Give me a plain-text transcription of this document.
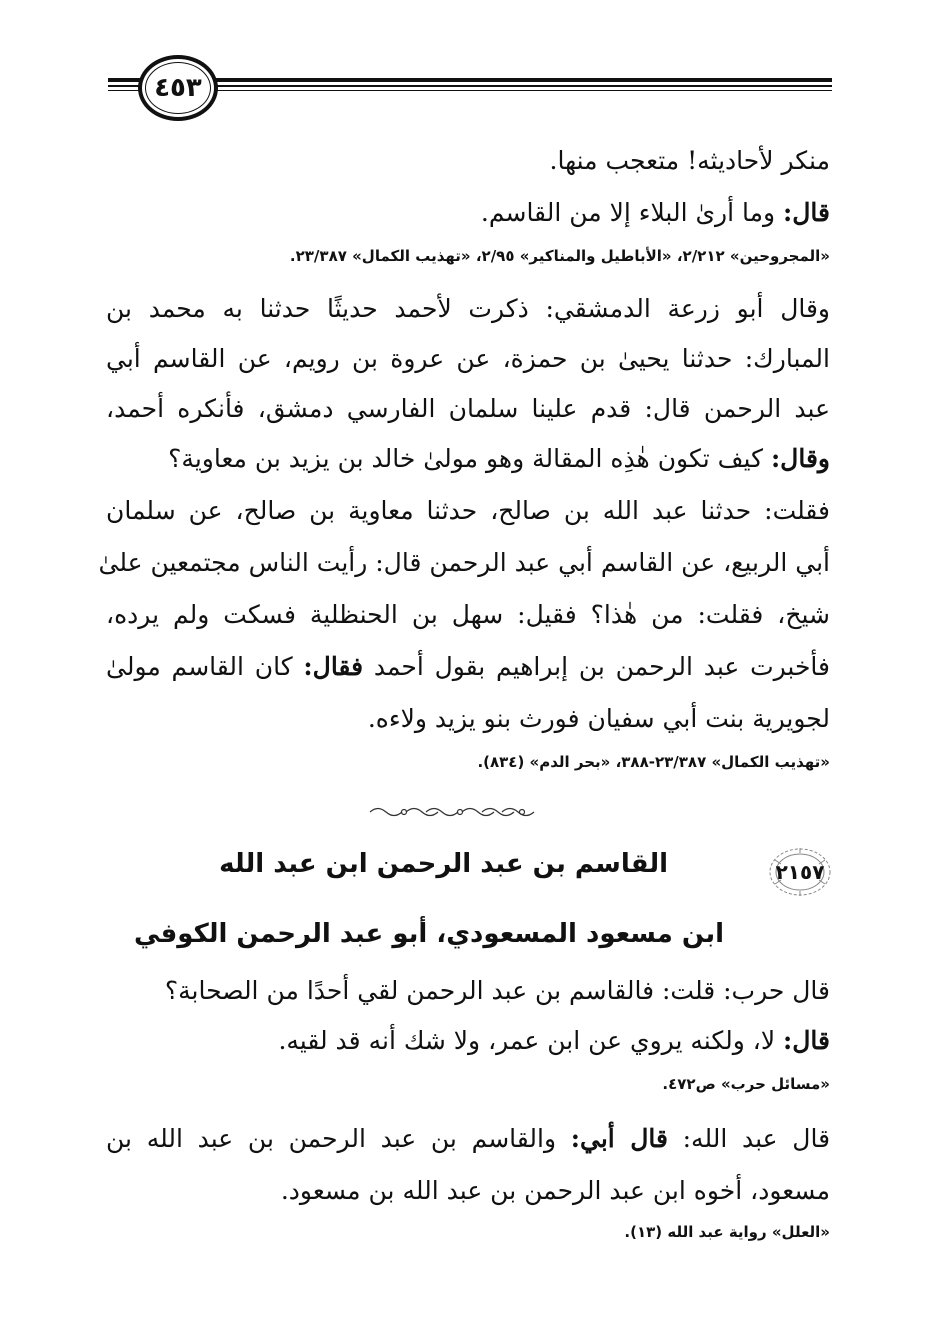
٤٥٣
منكر لأحاديثه! متعجب منها.
قال: وما أرىٰ البلاء إلا من القاسم.
«المجروحين» ٢/٢١٢، «الأباطيل والمناكير» ٢/٩٥، «تهذيب الكمال» ٢٣/٣٨٧.
وقال أبو زرعة الدمشقي: ذكرت لأحمد حديثًا حدثنا به محمد بن
المبارك: حدثنا يحيىٰ بن حمزة، عن عروة بن رويم، عن القاسم أبي
عبد الرحمن قال: قدم علينا سلمان الفارسي دمشق، فأنكره أحمد،
وقال: كيف تكون هٰذِه المقالة وهو مولىٰ خالد بن يزيد بن معاوية؟
فقلت: حدثنا عبد الله بن صالح، حدثنا معاوية بن صالح، عن سلمان
أبي الربيع، عن القاسم أبي عبد الرحمن قال: رأيت الناس مجتمعين علىٰ
شيخ، فقلت: من هٰذا؟ فقيل: سهل بن الحنظلية فسكت ولم يرده،
فأخبرت عبد الرحمن بن إبراهيم بقول أحمد فقال: كان القاسم مولىٰ
لجويرية بنت أبي سفيان فورث بنو يزيد ولاءه.
«تهذيب الكمال» ٢٣/٣٨٧-٣٨٨، «بحر الدم» (٨٣٤).
٢١٥٧
القاسم بن عبد الرحمن ابن عبد الله
ابن مسعود المسعودي، أبو عبد الرحمن الكوفي
قال حرب: قلت: فالقاسم بن عبد الرحمن لقي أحدًا من الصحابة؟
قال: لا، ولكنه يروي عن ابن عمر، ولا شك أنه قد لقيه.
«مسائل حرب» ص٤٧٢.
قال عبد الله: قال أبي: والقاسم بن عبد الرحمن بن عبد الله بن
مسعود، أخوه ابن عبد الرحمن بن عبد الله بن مسعود.
«العلل» رواية عبد الله (١٣).
